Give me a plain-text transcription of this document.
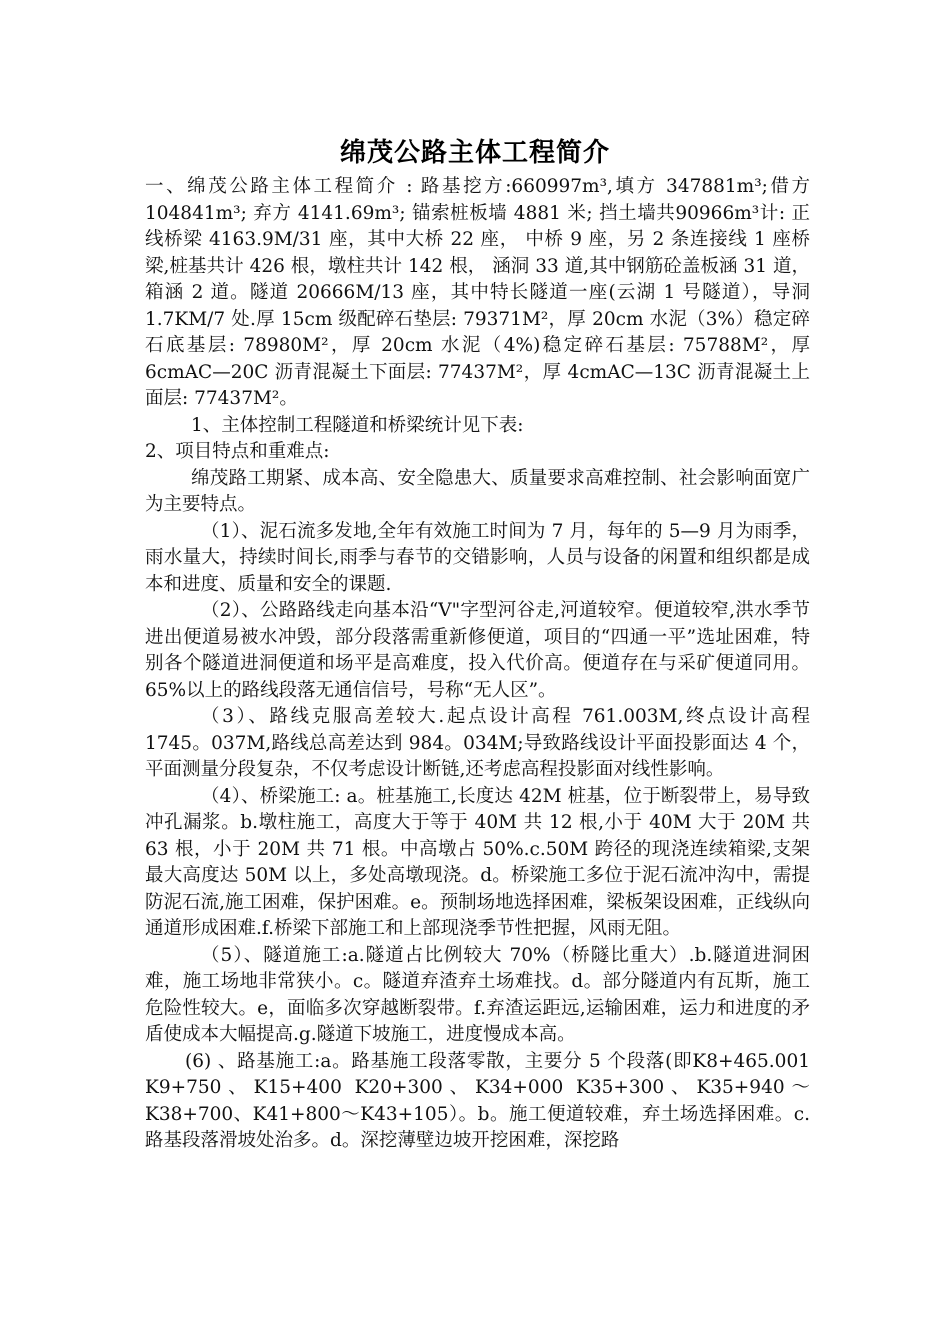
绵茂公路主体工程简介

一、绵茂公路主体工程简介 : 路基挖方:660997m³,填方 347881m³;借方 104841m³; 弃方 4141.69m³; 锚索桩板墙 4881 米; 挡土墙共90966m³计: 正线桥梁 4163.9M/31 座，其中大桥 22 座， 中桥 9 座，另 2 条连接线 1 座桥梁,桩基共计 426 根，墩柱共计 142 根， 涵洞 33 道,其中钢筋砼盖板涵 31 道，箱涵 2 道。隧道 20666M/13 座，其中特长隧道一座(云湖 1 号隧道），导洞 1.7KM/7 处.厚 15cm 级配碎石垫层: 79371M²，厚 20cm 水泥（3%）稳定碎石底基层: 78980M²，厚 20cm 水泥（4%)稳定碎石基层: 75788M²，厚 6cmAC—20C 沥青混凝土下面层: 77437M²，厚 4cmAC—13C 沥青混凝土上面层: 77437M²。

1、主体控制工程隧道和桥梁统计见下表:

2、项目特点和重难点:

绵茂路工期紧、成本高、安全隐患大、质量要求高难控制、社会影响面宽广为主要特点。

（1）、泥石流多发地,全年有效施工时间为 7 月，每年的 5—9 月为雨季，雨水量大，持续时间长,雨季与春节的交错影响，人员与设备的闲置和组织都是成本和进度、质量和安全的课题.

（2）、公路路线走向基本沿“V"字型河谷走,河道较窄。便道较窄,洪水季节进出便道易被水冲毁，部分段落需重新修便道，项目的“四通一平”选址困难，特别各个隧道进洞便道和场平是高难度，投入代价高。便道存在与采矿便道同用。65%以上的路线段落无通信信号，号称“无人区”。

（3）、路线克服高差较大.起点设计高程 761.003M,终点设计高程 1745。037M,路线总高差达到 984。034M;导致路线设计平面投影面达 4 个，平面测量分段复杂，不仅考虑设计断链,还考虑高程投影面对线性影响。

（4）、桥梁施工: a。桩基施工,长度达 42M 桩基，位于断裂带上，易导致冲孔漏浆。b.墩柱施工，高度大于等于 40M 共 12 根,小于 40M 大于 20M 共 63 根，小于 20M 共 71 根。中高墩占 50%.c.50M 跨径的现浇连续箱梁,支架最大高度达 50M 以上，多处高墩现浇。d。桥梁施工多位于泥石流冲沟中，需提防泥石流,施工困难，保护困难。e。预制场地选择困难，梁板架设困难，正线纵向通道形成困难.f.桥梁下部施工和上部现浇季节性把握，风雨无阻。

（5）、隧道施工:a.隧道占比例较大 70%（桥隧比重大）.b.隧道进洞困难，施工场地非常狭小。c。隧道弃渣弃土场难找。d。部分隧道内有瓦斯，施工危险性较大。e，面临多次穿越断裂带。f.弃渣运距远,运输困难，运力和进度的矛盾使成本大幅提高.g.隧道下坡施工，进度慢成本高。

(6) 、路基施工:a。路基施工段落零散，主要分 5 个段落(即K8+465.001 K9+750、K15+400 K20+300、K34+000 K35+300、K35+940～K38+700、K41+800～K43+105）。b。施工便道较难，弃土场选择困难。c.路基段落滑坡处治多。d。深挖薄壁边坡开挖困难，深挖路
